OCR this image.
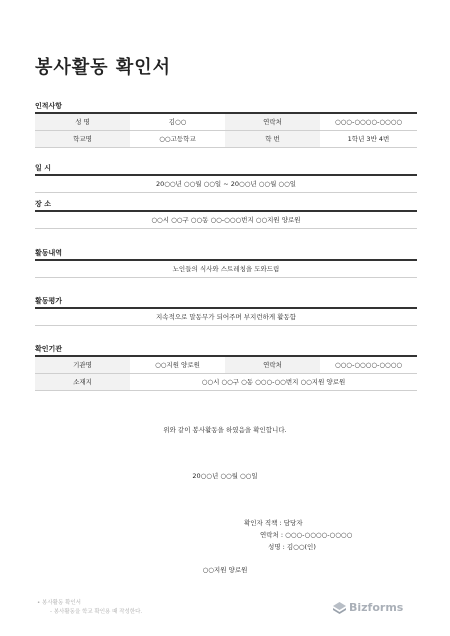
봉사활동 확인서
인적사항
성 명	김○○	연락처	○○○-○○○○-○○○○
학교명	○○고등학교	학 번	1학년 3반 4번
일 시
20○○년 ○○월 ○○일 ~ 20○○년 ○○월 ○○일
장 소
○○시 ○○구 ○○동 ○○-○○○번지 ○○지원 양로원
활동내역
노인들의 식사와 스트레칭을 도와드림
활동평가
지속적으로 말동무가 되어주며 부지런하게 활동함
확인기관
기관명	○○지원 양로원	연락처	○○○-○○○○-○○○○
소재지	○○시 ○○구 ○동 ○○○-○○번지 ○○지원 양로원
위와 같이 봉사활동을 하였음을 확인합니다.
20○○년 ○○월 ○○일
확인자 직책 : 담당자
연락처 : ○○○-○○○○-○○○○
성명 : 김○○(인)
○○지원 양로원
• 봉사활동 확인서
- 봉사활동을 학교 확인용 때 작성한다.	Bizforms
